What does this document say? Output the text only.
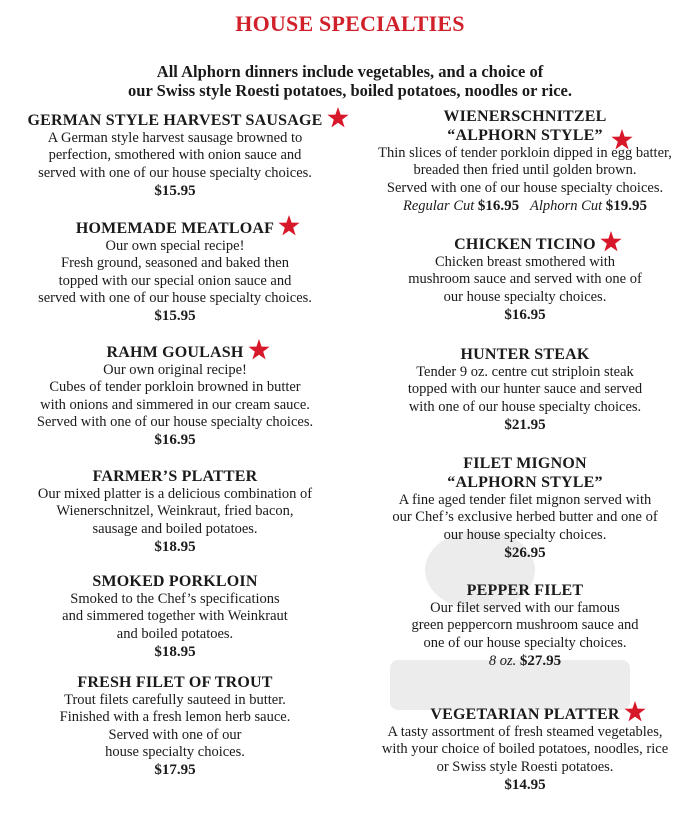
HOUSE SPECIALTIES
All Alphorn dinners include vegetables, and a choice of
our Swiss style Roesti potatoes, boiled potatoes, noodles or rice.
GERMAN STYLE HARVEST SAUSAGE
A German style harvest sausage browned to
perfection, smothered with onion sauce and
served with one of our house specialty choices.
$15.95
HOMEMADE MEATLOAF
Our own special recipe!
Fresh ground, seasoned and baked then
topped with our special onion sauce and
served with one of our house specialty choices.
$15.95
RAHM GOULASH
Our own original recipe!
Cubes of tender porkloin browned in butter
with onions and simmered in our cream sauce.
Served with one of our house specialty choices.
$16.95
FARMER’S PLATTER
Our mixed platter is a delicious combination of
Wienerschnitzel, Weinkraut, fried bacon,
sausage and boiled potatoes.
$18.95
SMOKED PORKLOIN
Smoked to the Chef’s specifications
and simmered together with Weinkraut
and boiled potatoes.
$18.95
FRESH FILET OF TROUT
Trout filets carefully sauteed in butter.
Finished with a fresh lemon herb sauce.
Served with one of our
house specialty choices.
$17.95
WIENERSCHNITZEL
“ALPHORN STYLE”
Thin slices of tender porkloin dipped in egg batter,
breaded then fried until golden brown.
Served with one of our house specialty choices.
Regular Cut $16.95 Alphorn Cut $19.95
CHICKEN TICINO
Chicken breast smothered with
mushroom sauce and served with one of
our house specialty choices.
$16.95
HUNTER STEAK
Tender 9 oz. centre cut striploin steak
topped with our hunter sauce and served
with one of our house specialty choices.
$21.95
FILET MIGNON
“ALPHORN STYLE”
A fine aged tender filet mignon served with
our Chef’s exclusive herbed butter and one of
our house specialty choices.
$26.95
PEPPER FILET
Our filet served with our famous
green peppercorn mushroom sauce and
one of our house specialty choices.
8 oz. $27.95
VEGETARIAN PLATTER
A tasty assortment of fresh steamed vegetables,
with your choice of boiled potatoes, noodles, rice
or Swiss style Roesti potatoes.
$14.95
